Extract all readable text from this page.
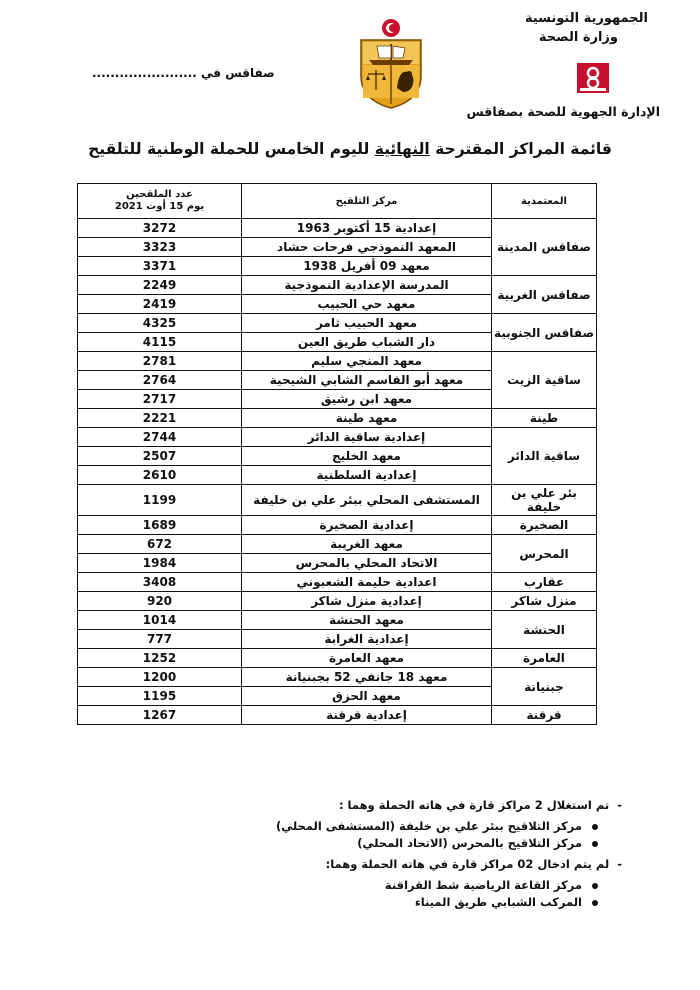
الجمهورية التونسية
وزارة الصحة
الإدارة الجهوية للصحة بصفاقس
صفاقس في .......................
قائمة المراكز المقترحة النهائية لليوم الخامس للحملة الوطنية للتلقيح
المعتمدية	مركز التلقيح	عدد الملقحين
يوم 15 أوت 2021

صفاقس المدينة	إعدادية 15 أكتوبر 1963	3272
	المعهد النموذجي فرحات حشاد	3323
	معهد 09 أفريل 1938	3371
صفاقس الغربية	المدرسة الإعدادية النموذجية	2249
	معهد حي الحبيب	2419
صفاقس الجنوبية	معهد الحبيب ثامر	4325
	دار الشباب طريق العين	4115
ساقية الزيت	معهد المنجي سليم	2781
	معهد أبو القاسم الشابي الشيحية	2764
	معهد ابن رشيق	2717
طينة	معهد طينة	2221
ساقية الدائر	إعدادية ساقية الدائر	2744
	معهد الخليج	2507
	إعدادية السلطنية	2610
بئر علي بن خليفة	المستشفى المحلي ببئر علي بن خليفة	1199
الصخيرة	إعدادية الصخيرة	1689
المحرس	معهد الغريبة	672
	الاتحاد المحلي بالمحرس	1984
عقارب	اعدادية حليمة الشعبوني	3408
منزل شاكر	إعدادية منزل شاكر	920
الحنشة	معهد الحنشة	1014
	إعدادية الغرابة	777
العامرة	معهد العامرة	1252
جبنيانة	معهد 18 جانفي 52 بجبنيانة	1200
	معهد الحزق	1195
قرقنة	إعدادية قرقنة	1267
- تم استغلال 2 مراكز قارة في هاته الحملة وهما :
مركز التلاقيح ببئر علي بن خليفة (المستشفى المحلي)
مركز التلاقيح بالمحرس (الاتحاد المحلي)
- لم يتم ادخال 02 مراكز قارة في هاته الحملة وهما:
مركز القاعة الرياضية شط القراقنة
المركب الشبابي طريق الميناء
